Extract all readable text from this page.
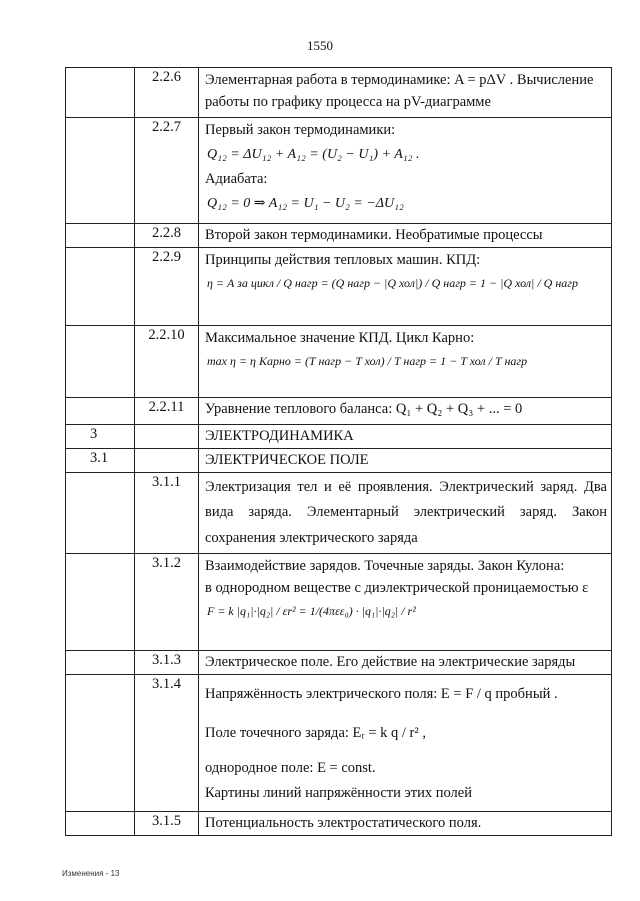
1550
	2.2.6	Элементарная работа в термодинамике: A = pΔV . Вычисление
работы по графику процесса на pV-диаграмме

	2.2.7	Первый закон термодинамики:
Q₁₂ = ΔU₁₂ + A₁₂ = (U₂ − U₁) + A₁₂ .
Адиабата:
Q₁₂ = 0 ⇒ A₁₂ = U₁ − U₂ = −ΔU₁₂

	2.2.8	Второй закон термодинамики. Необратимые процессы
	2.2.9	Принципы действия тепловых машин. КПД:
η = A за цикл / Q нагр = (Q нагр − |Q хол|) / Q нагр = 1 − |Q хол| / Q нагр

	2.2.10	Максимальное значение КПД. Цикл Карно:
max η = η Карно = (T нагр − T хол) / T нагр = 1 − T хол / T нагр

	2.2.11	Уравнение теплового баланса: Q₁ + Q₂ + Q₃ + ... = 0
3		ЭЛЕКТРОДИНАМИКА
3.1		ЭЛЕКТРИЧЕСКОЕ ПОЛЕ
	3.1.1	Электризация тел и её проявления. Электрический заряд. Два вида заряда. Элементарный электрический заряд. Закон сохранения электрического заряда
	3.1.2	Взаимодействие зарядов. Точечные заряды. Закон Кулона:
в однородном веществе с диэлектрической проницаемостью ε
F = k |q₁|·|q₂| / εr² = 1/(4πεε₀) · |q₁|·|q₂| / r²

	3.1.3	Электрическое поле. Его действие на электрические заряды
	3.1.4	Напряжённость электрического поля: E = F / q пробный .
Поле точечного заряда: Eᵣ = k q / r² ,
однородное поле: E = const.
Картины линий напряжённости этих полей

	3.1.5	Потенциальность электростатического поля.
Изменения - 13
